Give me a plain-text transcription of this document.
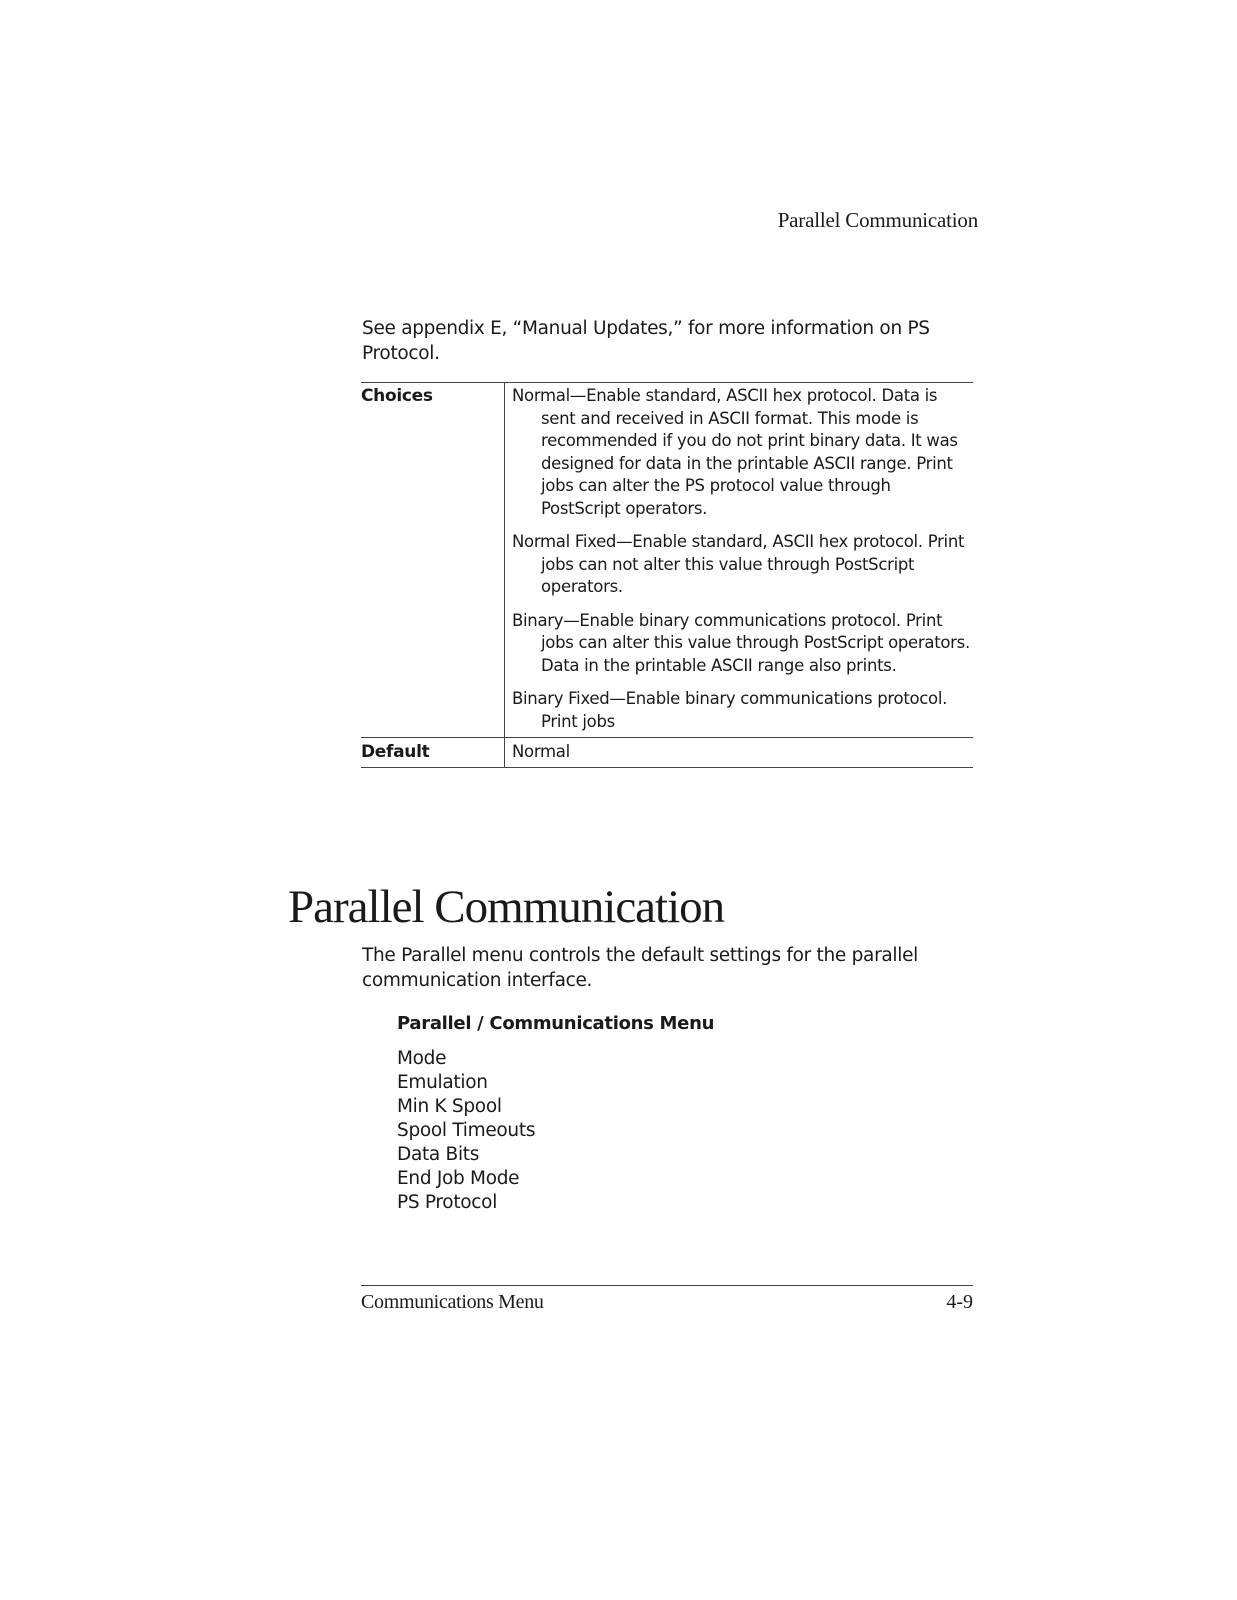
Parallel Communication

See appendix E, “Manual Updates,” for more information on PS Protocol.

Choices	Normal—Enable standard, ASCII hex protocol. Data is sent and received in ASCII format. This mode is recommended if you do not print binary data. It was designed for data in the printable ASCII range. Print jobs can alter the PS protocol value through PostScript operators.

Normal Fixed—Enable standard, ASCII hex protocol. Print jobs can not alter this value through PostScript operators.

Binary—Enable binary communications protocol. Print jobs can alter this value through PostScript operators. Data in the printable ASCII range also prints.

Binary Fixed—Enable binary communications protocol. Print jobs

Default	Normal
Parallel Communication

The Parallel menu controls the default settings for the parallel communication interface.

Parallel / Communications Menu
Mode
Emulation
Min K Spool
Spool Timeouts
Data Bits
End Job Mode
PS Protocol
Communications Menu	4-9
